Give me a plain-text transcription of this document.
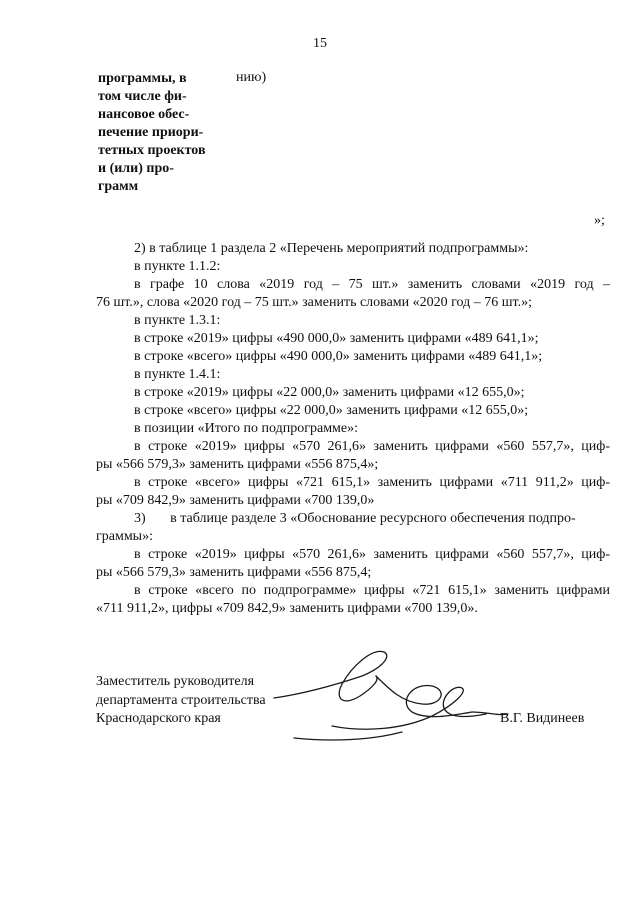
15
программы, в
том числе фи-
нансовое обес-
печение приори-
тетных проектов
и (или) про-
грамм
нию)
»;
2) в таблице 1 раздела 2 «Перечень мероприятий подпрограммы»:
в пункте 1.1.2:
в графе 10 слова «2019 год – 75 шт.» заменить словами «2019 год –
76 шт.», слова «2020 год – 75 шт.» заменить словами «2020 год – 76 шт.»;
в пункте 1.3.1:
в строке «2019» цифры «490 000,0» заменить цифрами «489 641,1»;
в строке «всего» цифры «490 000,0» заменить цифрами «489 641,1»;
в пункте 1.4.1:
в строке «2019» цифры «22 000,0» заменить цифрами «12 655,0»;
в строке «всего» цифры «22 000,0» заменить цифрами «12 655,0»;
в позиции «Итого по подпрограмме»:
в строке «2019» цифры «570 261,6» заменить цифрами «560 557,7», циф-
ры «566 579,3» заменить цифрами «556 875,4»;
в строке «всего» цифры «721 615,1» заменить цифрами «711 911,2» циф-
ры «709 842,9» заменить цифрами «700 139,0»
3)       в таблице разделе 3 «Обоснование ресурсного обеспечения подпро-
граммы»:
в строке «2019» цифры «570 261,6» заменить цифрами «560 557,7», циф-
ры «566 579,3» заменить цифрами «556 875,4;
в строке «всего по подпрограмме» цифры «721 615,1» заменить цифрами
«711 911,2», цифры «709 842,9» заменить цифрами «700 139,0».
Заместитель руководителя
департамента строительства
Краснодарского края	В.Г. Видинеев
